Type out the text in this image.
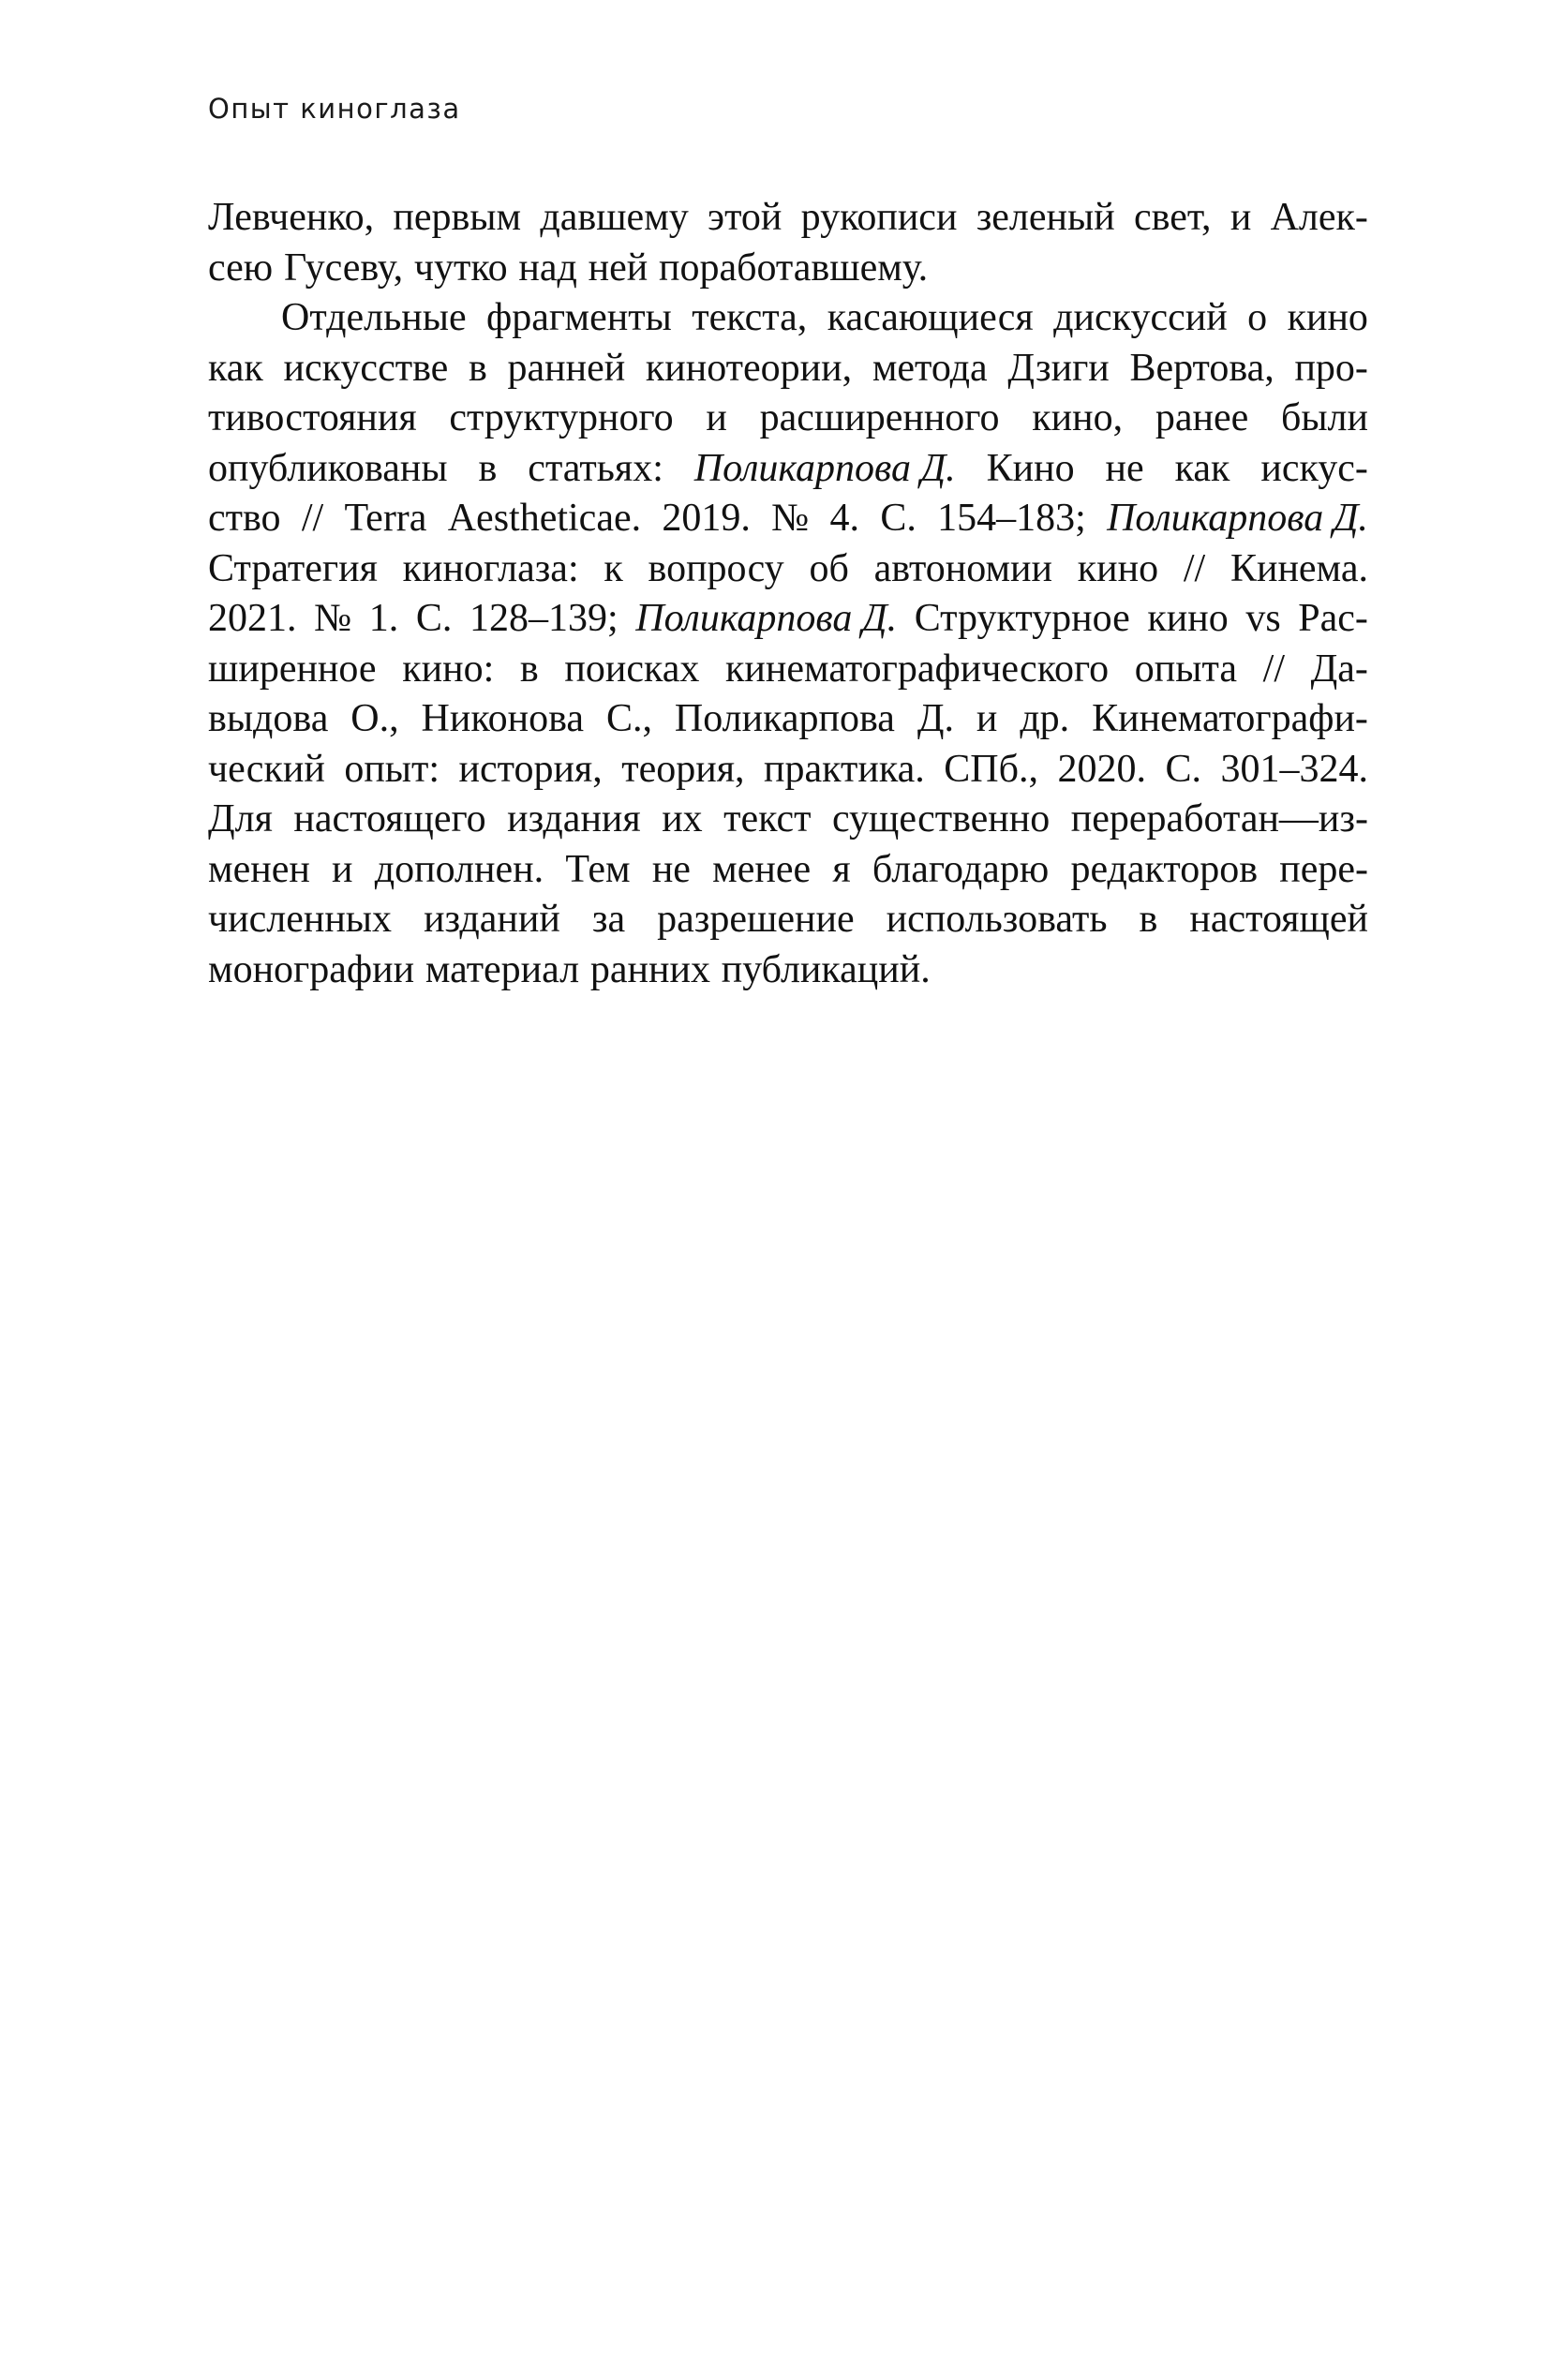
Опыт киноглаза
Левченко, первым давшему этой рукописи зеленый свет, и Алек-
сею Гусеву, чутко над ней поработавшему.
Отдельные фрагменты текста, касающиеся дискуссий о кино
как искусстве в ранней кинотеории, метода Дзиги Вертова, про-
тивостояния структурного и расширенного кино, ранее были
опубликованы в статьях: Поликарпова Д. Кино не как искус-
ство // Terra Aestheticae. 2019. № 4. С. 154–183; Поликарпова Д.
Стратегия киноглаза: к вопросу об автономии кино // Кинема.
2021. № 1. С. 128–139; Поликарпова Д. Структурное кино vs Рас-
ширенное кино: в поисках кинематографического опыта // Да-
выдова О., Никонова С., Поликарпова Д. и др. Кинематографи-
ческий опыт: история, теория, практика. СПб., 2020. С. 301–324.
Для настоящего издания их текст существенно переработан—из-
менен и дополнен. Тем не менее я благодарю редакторов пере-
численных изданий за разрешение использовать в настоящей
монографии материал ранних публикаций.
